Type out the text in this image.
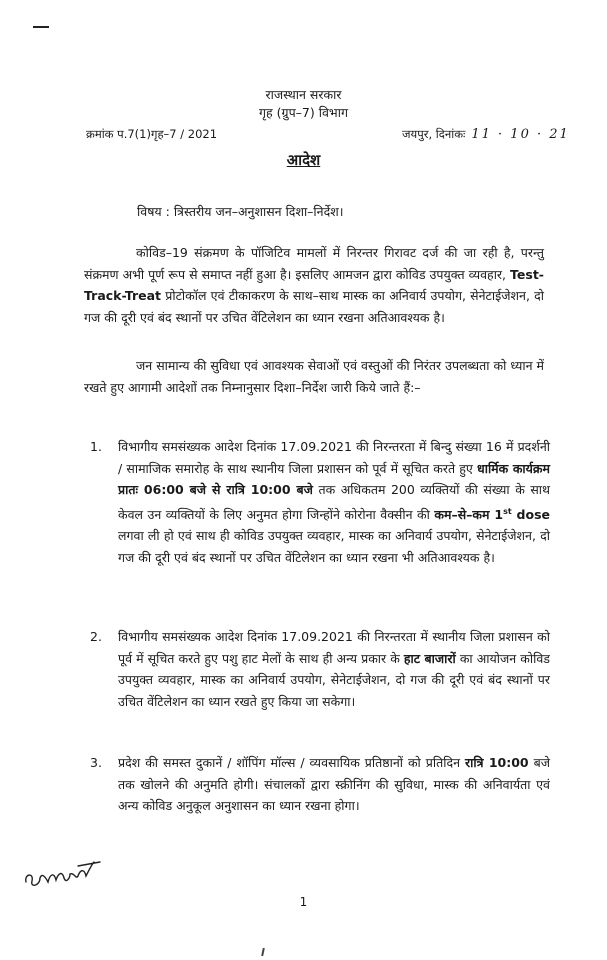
राजस्थान सरकार
गृह (ग्रुप–7) विभाग
क्रमांक प.7(1)गृह–7 / 2021	जयपुर, दिनांकः 11 · 10 · 21
आदेश
विषय : त्रिस्तरीय जन–अनुशासन दिशा–निर्देश।
कोविड–19 संक्रमण के पॉजिटिव मामलों में निरन्तर गिरावट दर्ज की जा रही है, परन्तु संक्रमण अभी पूर्ण रूप से समाप्त नहीं हुआ है। इसलिए आमजन द्वारा कोविड उपयुक्त व्यवहार, Test-Track-Treat प्रोटोकॉल एवं टीकाकरण के साथ–साथ मास्क का अनिवार्य उपयोग, सेनेटाईजेशन, दो गज की दूरी एवं बंद स्थानों पर उचित वेंटिलेशन का ध्यान रखना अतिआवश्यक है।
जन सामान्य की सुविधा एवं आवश्यक सेवाओं एवं वस्तुओं की निरंतर उपलब्धता को ध्यान में रखते हुए आगामी आदेशों तक निम्नानुसार दिशा–निर्देश जारी किये जाते हैं:–
1. विभागीय समसंख्यक आदेश दिनांक 17.09.2021 की निरन्तरता में बिन्दु संख्या 16 में प्रदर्शनी / सामाजिक समारोह के साथ स्थानीय जिला प्रशासन को पूर्व में सूचित करते हुए धार्मिक कार्यक्रम प्रातः 06:00 बजे से रात्रि 10:00 बजे तक अधिकतम 200 व्यक्तियों की संख्या के साथ केवल उन व्यक्तियों के लिए अनुमत होगा जिन्होंने कोरोना वैक्सीन की कम–से–कम 1st dose लगवा ली हो एवं साथ ही कोविड उपयुक्त व्यवहार, मास्क का अनिवार्य उपयोग, सेनेटाईजेशन, दो गज की दूरी एवं बंद स्थानों पर उचित वेंटिलेशन का ध्यान रखना भी अतिआवश्यक है।
2. विभागीय समसंख्यक आदेश दिनांक 17.09.2021 की निरन्तरता में स्थानीय जिला प्रशासन को पूर्व में सूचित करते हुए पशु हाट मेलों के साथ ही अन्य प्रकार के हाट बाजारों का आयोजन कोविड उपयुक्त व्यवहार, मास्क का अनिवार्य उपयोग, सेनेटाईजेशन, दो गज की दूरी एवं बंद स्थानों पर उचित वेंटिलेशन का ध्यान रखते हुए किया जा सकेगा।
3. प्रदेश की समस्त दुकानें / शॉपिंग मॉल्स / व्यवसायिक प्रतिष्ठानों को प्रतिदिन रात्रि 10:00 बजे तक खोलने की अनुमति होगी। संचालकों द्वारा स्क्रीनिंग की सुविधा, मास्क की अनिवार्यता एवं अन्य कोविड अनुकूल अनुशासन का ध्यान रखना होगा।
1
